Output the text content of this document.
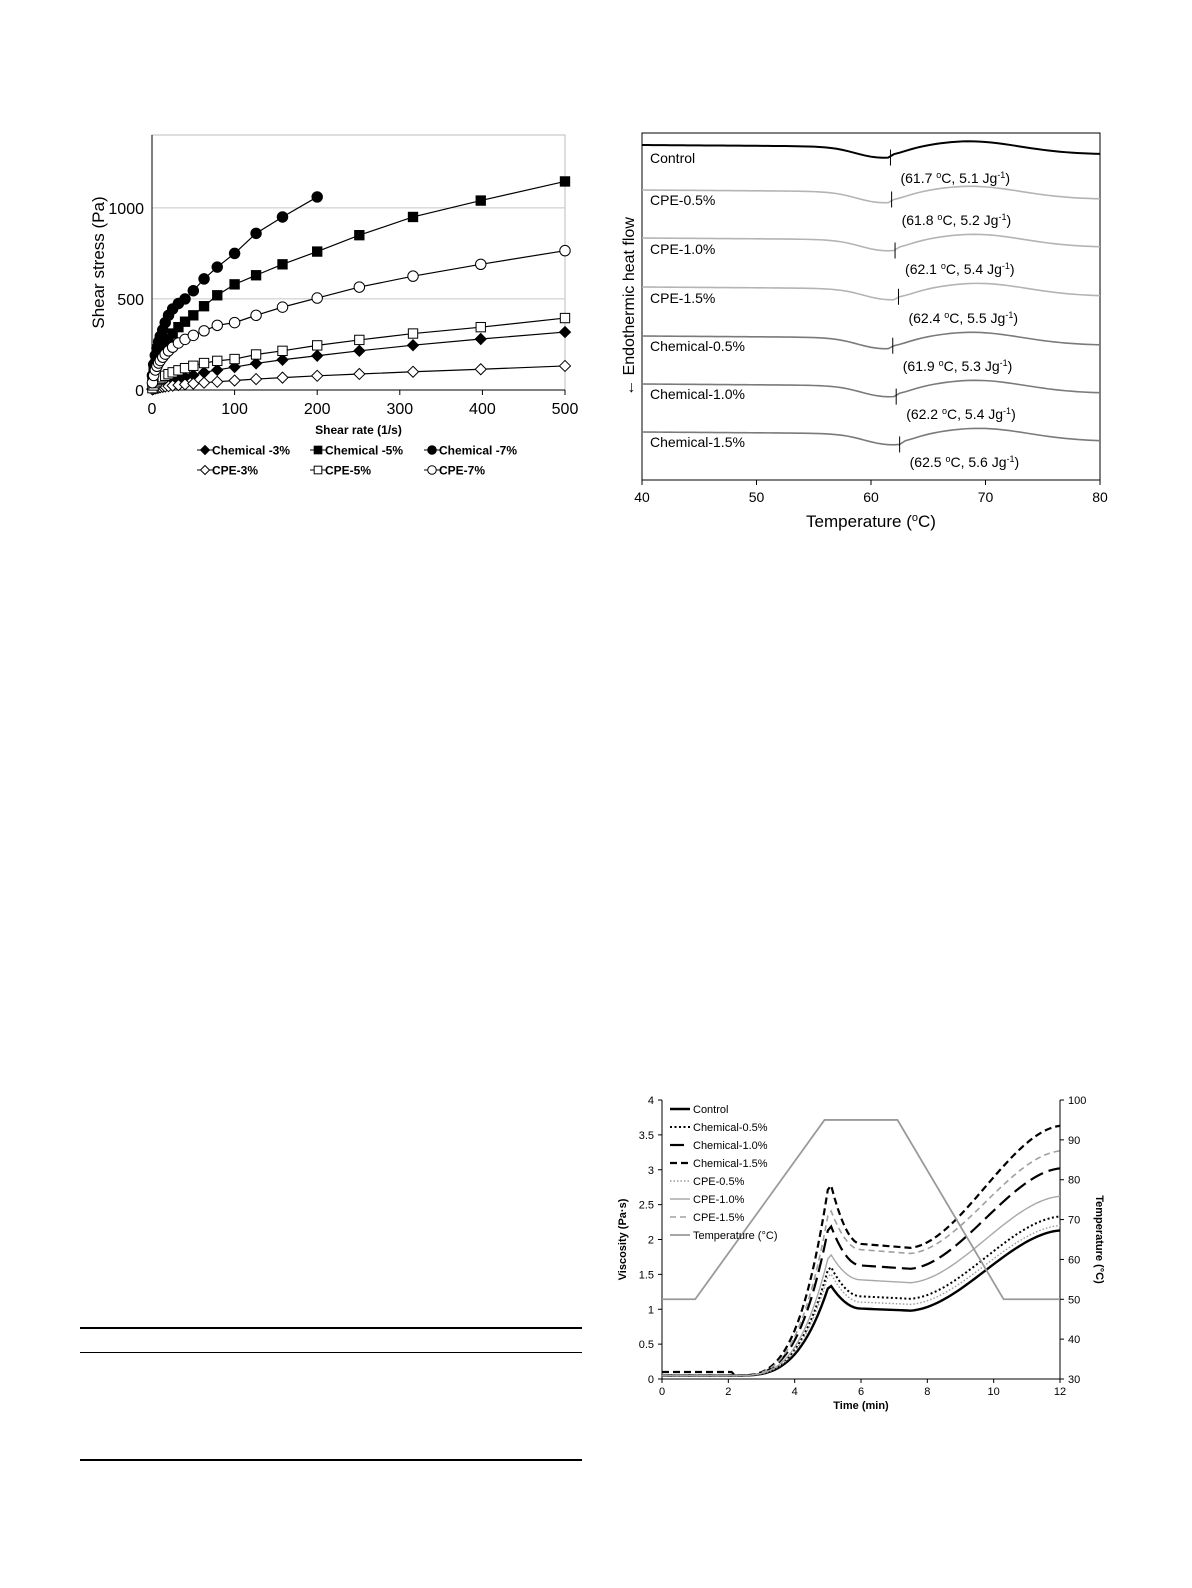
0
500
1000
0	100	200	300	400	500
Shear rate (1/s)
Shear stress (Pa)
Chemical -3%	Chemical -5%	Chemical -7%
CPE-3%	CPE-5%	CPE-7%
40	50	60	70	80
Temperature ($^o$C)
← Endothermic heat flow
Control
(61.7 $^o$C, 5.1 $Jg^{-1}$)
CPE-0.5%
(61.8 $^o$C, 5.2 $Jg^{-1}$)
CPE-1.0%
(62.1 $^o$C, 5.4 $Jg^{-1}$)
CPE-1.5%
(62.4 $^o$C, 5.5 $Jg^{-1}$)
Chemical-0.5%
(61.9 $^o$C, 5.3 $Jg^{-1}$)
Chemical-1.0%
(62.2 $^o$C, 5.4 $Jg^{-1}$)
Chemical-1.5%
(62.5 $^o$C, 5.6 $Jg^{-1}$)
0
0.5
1
1.5
2
2.5
3
3.5
4
30
40
50
60
70
80
90
100
0	2	4	6	8	10	12
Time (min)
Viscosity (Pa·s)	Temperature (°C)
Control
Chemical-0.5%
Chemical-1.0%
Chemical-1.5%
CPE-0.5%
CPE-1.0%
CPE-1.5%
Temperature (°C)
